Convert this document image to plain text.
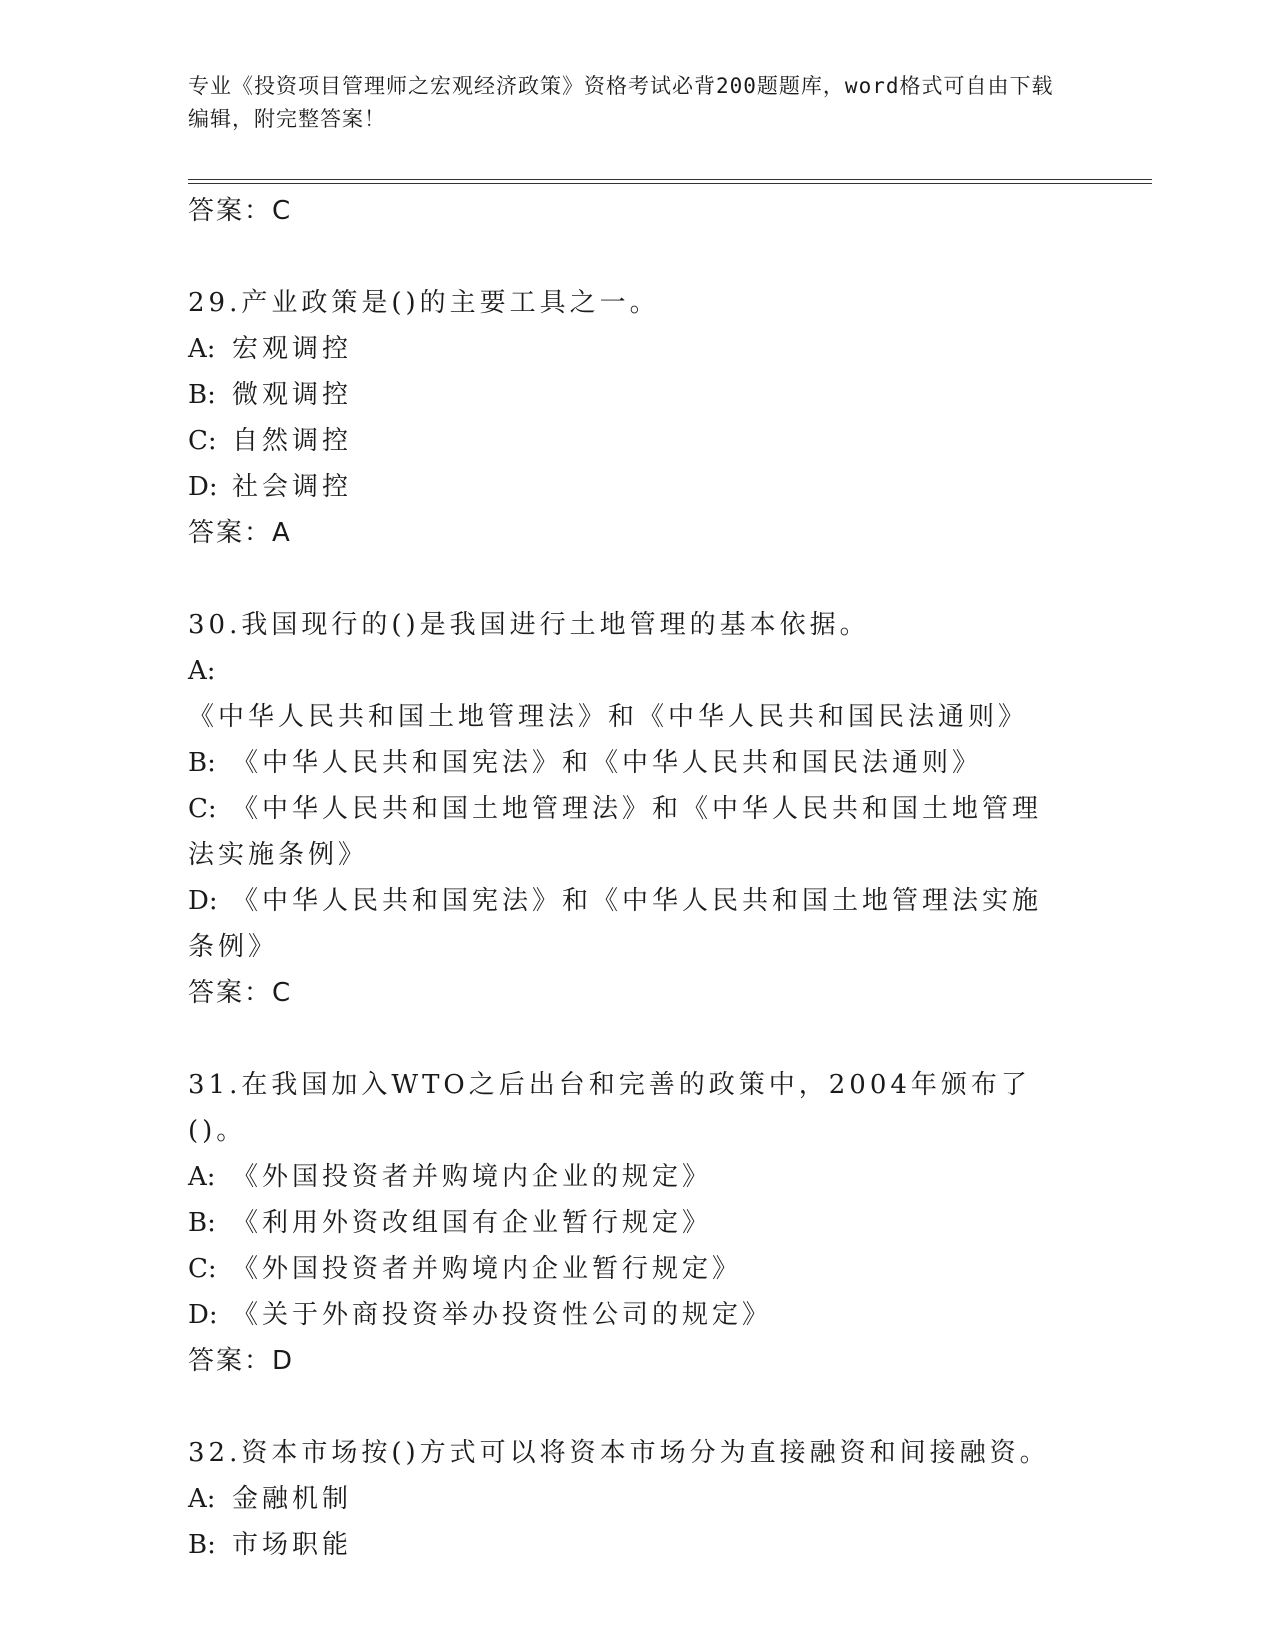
专业《投资项目管理师之宏观经济政策》资格考试必背200题题库，word格式可自由下载编辑，附完整答案！

答案：C

29.产业政策是()的主要工具之一。

A: 宏观调控

B: 微观调控

C: 自然调控

D: 社会调控

答案：A

30.我国现行的()是我国进行土地管理的基本依据。

A:《中华人民共和国土地管理法》和《中华人民共和国民法通则》

B: 《中华人民共和国宪法》和《中华人民共和国民法通则》

C: 《中华人民共和国土地管理法》和《中华人民共和国土地管理法实施条例》

D: 《中华人民共和国宪法》和《中华人民共和国土地管理法实施条例》

答案：C

31.在我国加入WTO之后出台和完善的政策中，2004年颁布了()。

A: 《外国投资者并购境内企业的规定》

B: 《利用外资改组国有企业暂行规定》

C: 《外国投资者并购境内企业暂行规定》

D: 《关于外商投资举办投资性公司的规定》

答案：D

32.资本市场按()方式可以将资本市场分为直接融资和间接融资。

A: 金融机制

B: 市场职能
